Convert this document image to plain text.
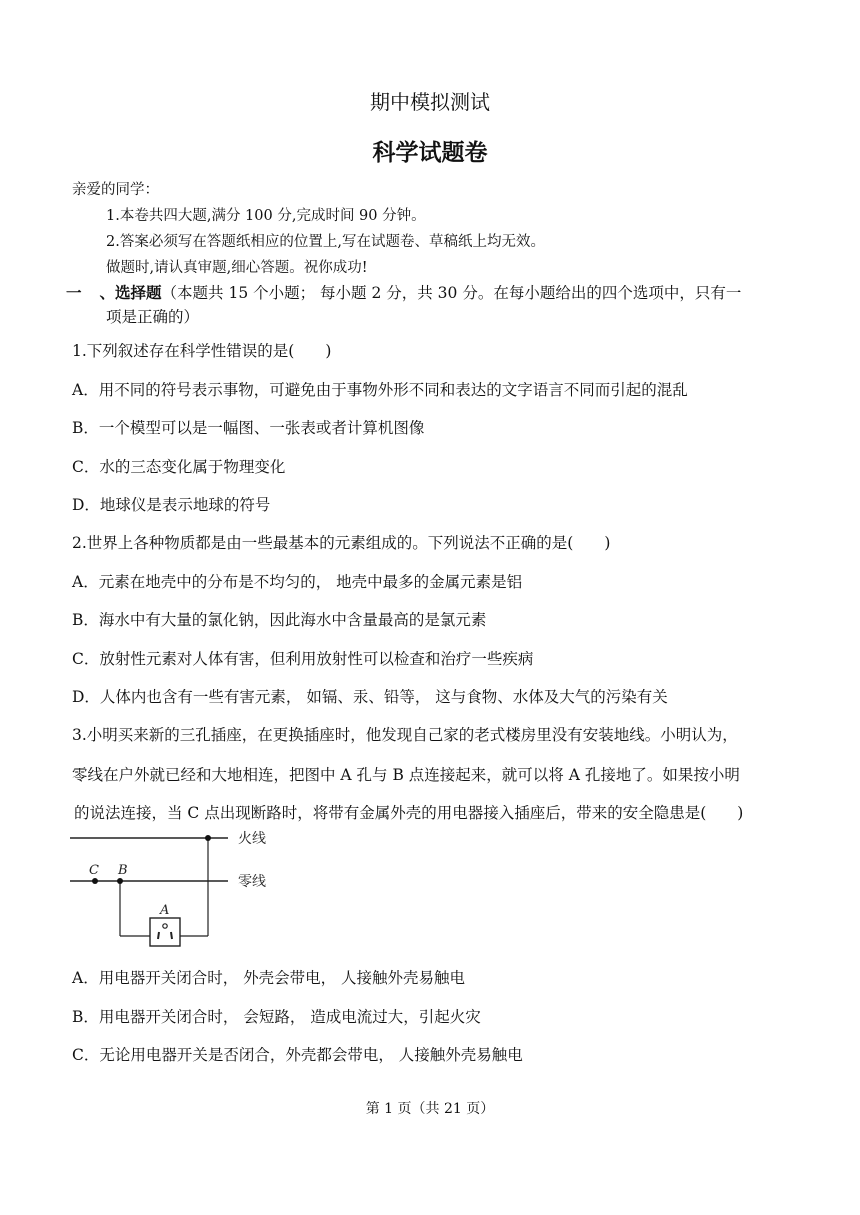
期中模拟测试
科学试题卷
亲爱的同学：
1.本卷共四大题,满分 100 分,完成时间 90 分钟。
2.答案必须写在答题纸相应的位置上,写在试题卷、草稿纸上均无效。
做题时,请认真审题,细心答题。祝你成功!
一 、选择题（本题共 15 个小题； 每小题 2 分，共 30 分。在每小题给出的四个选项中，只有一
项是正确的）
1.下列叙述存在科学性错误的是(　　)
A．用不同的符号表示事物，可避免由于事物外形不同和表达的文字语言不同而引起的混乱
B．一个模型可以是一幅图、一张表或者计算机图像
C．水的三态变化属于物理变化
D．地球仪是表示地球的符号
2.世界上各种物质都是由一些最基本的元素组成的。下列说法不正确的是(　　)
A．元素在地壳中的分布是不均匀的， 地壳中最多的金属元素是铝
B．海水中有大量的氯化钠，因此海水中含量最高的是氯元素
C．放射性元素对人体有害，但利用放射性可以检查和治疗一些疾病
D．人体内也含有一些有害元素， 如镉、汞、铅等， 这与食物、水体及大气的污染有关
3.小明买来新的三孔插座，在更换插座时，他发现自己家的老式楼房里没有安装地线。小明认为，
零线在户外就已经和大地相连，把图中 A 孔与 B 点连接起来，就可以将 A 孔接地了。如果按小明
的说法连接，当 C 点出现断路时，将带有金属外壳的用电器接入插座后，带来的安全隐患是(　　)
火线
零线
C B
A
A．用电器开关闭合时， 外壳会带电， 人接触外壳易触电
B．用电器开关闭合时， 会短路， 造成电流过大，引起火灾
C．无论用电器开关是否闭合，外壳都会带电， 人接触外壳易触电
第 1 页（共 21 页）
